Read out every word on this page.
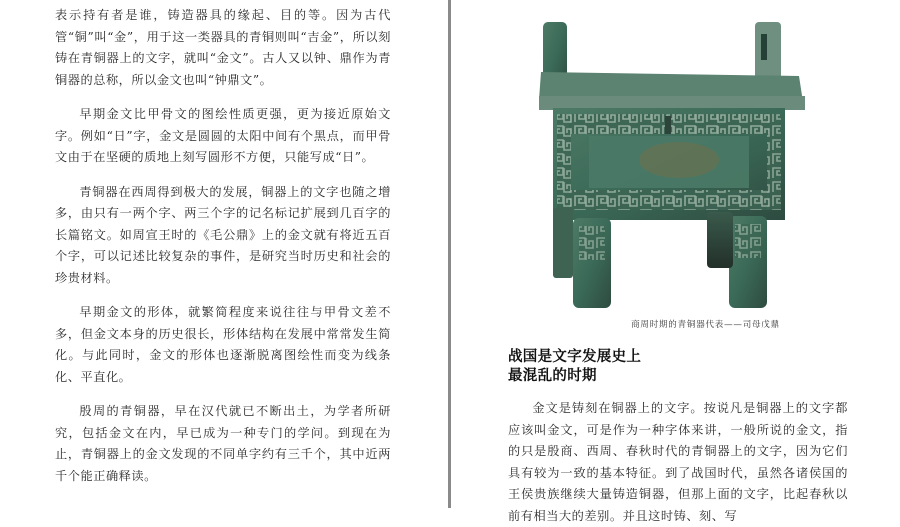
表示持有者是谁，铸造器具的缘起、目的等。因为古代管“铜”叫“金”，用于这一类器具的青铜则叫“吉金”，所以刻铸在青铜器上的文字，就叫“金文”。古人又以钟、鼎作为青铜器的总称，所以金文也叫“钟鼎文”。

早期金文比甲骨文的图绘性质更强，更为接近原始文字。例如“日”字，金文是圆圆的太阳中间有个黑点，而甲骨文由于在坚硬的质地上刻写圆形不方便，只能写成“日”。

青铜器在西周得到极大的发展，铜器上的文字也随之增多，由只有一两个字、两三个字的记名标记扩展到几百字的长篇铭文。如周宣王时的《毛公鼎》上的金文就有将近五百个字，可以记述比较复杂的事件，是研究当时历史和社会的珍贵材料。

早期金文的形体，就繁简程度来说往往与甲骨文差不多，但金文本身的历史很长，形体结构在发展中常常发生简化。与此同时，金文的形体也逐渐脱离图绘性而变为线条化、平直化。

殷周的青铜器，早在汉代就已不断出土，为学者所研究，包括金文在内，早已成为一种专门的学问。到现在为止，青铜器上的金文发现的不同单字约有三千个，其中近两千个能正确释读。

商周时期的青铜器代表——司母戊鼎
战国是文字发展史上
最混乱的时期

金文是铸刻在铜器上的文字。按说凡是铜器上的文字都应该叫金文，可是作为一种字体来讲，一般所说的金文，指的只是殷商、西周、春秋时代的青铜器上的文字，因为它们具有较为一致的基本特征。到了战国时代，虽然各诸侯国的王侯贵族继续大量铸造铜器，但那上面的文字，比起春秋以前有相当大的差别。并且这时铸、刻、写
